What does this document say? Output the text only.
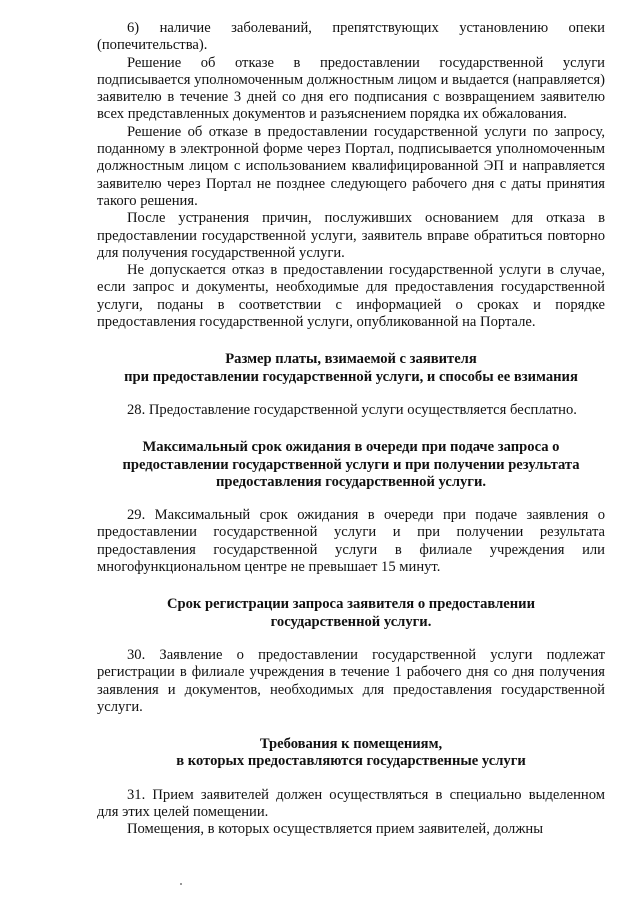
6) наличие заболеваний, препятствующих установлению опеки (попечительства).

Решение об отказе в предоставлении государственной услуги подписывается уполномоченным должностным лицом и выдается (направляется) заявителю в течение 3 дней со дня его подписания с возвращением заявителю всех представленных документов и разъяснением порядка их обжалования.

Решение об отказе в предоставлении государственной услуги по запросу, поданному в электронной форме через Портал, подписывается уполномоченным должностным лицом с использованием квалифицированной ЭП и направляется заявителю через Портал не позднее следующего рабочего дня с даты принятия такого решения.

После устранения причин, послуживших основанием для отказа в предоставлении государственной услуги, заявитель вправе обратиться повторно для получения государственной услуги.

Не допускается отказ в предоставлении государственной услуги в случае, если запрос и документы, необходимые для предоставления государственной услуги, поданы в соответствии с информацией о сроках и порядке предоставления государственной услуги, опубликованной на Портале.

Размер платы, взимаемой с заявителя

при предоставлении государственной услуги, и способы ее взимания

28. Предоставление государственной услуги осуществляется бесплатно.

Максимальный срок ожидания в очереди при подаче запроса о

предоставлении государственной услуги и при получении результата

предоставления государственной услуги.

29. Максимальный срок ожидания в очереди при подаче заявления о предоставлении государственной услуги и при получении результата предоставления государственной услуги в филиале учреждения или многофункциональном центре не превышает 15 минут.

Срок регистрации запроса заявителя о предоставлении

государственной услуги.

30. Заявление о предоставлении государственной услуги подлежат регистрации в филиале учреждения в течение 1 рабочего дня со дня получения заявления и документов, необходимых для предоставления государственной услуги.

Требования к помещениям,

в которых предоставляются государственные услуги

31. Прием заявителей должен осуществляться в специально выделенном для этих целей помещении.

Помещения, в которых осуществляется прием заявителей, должны
